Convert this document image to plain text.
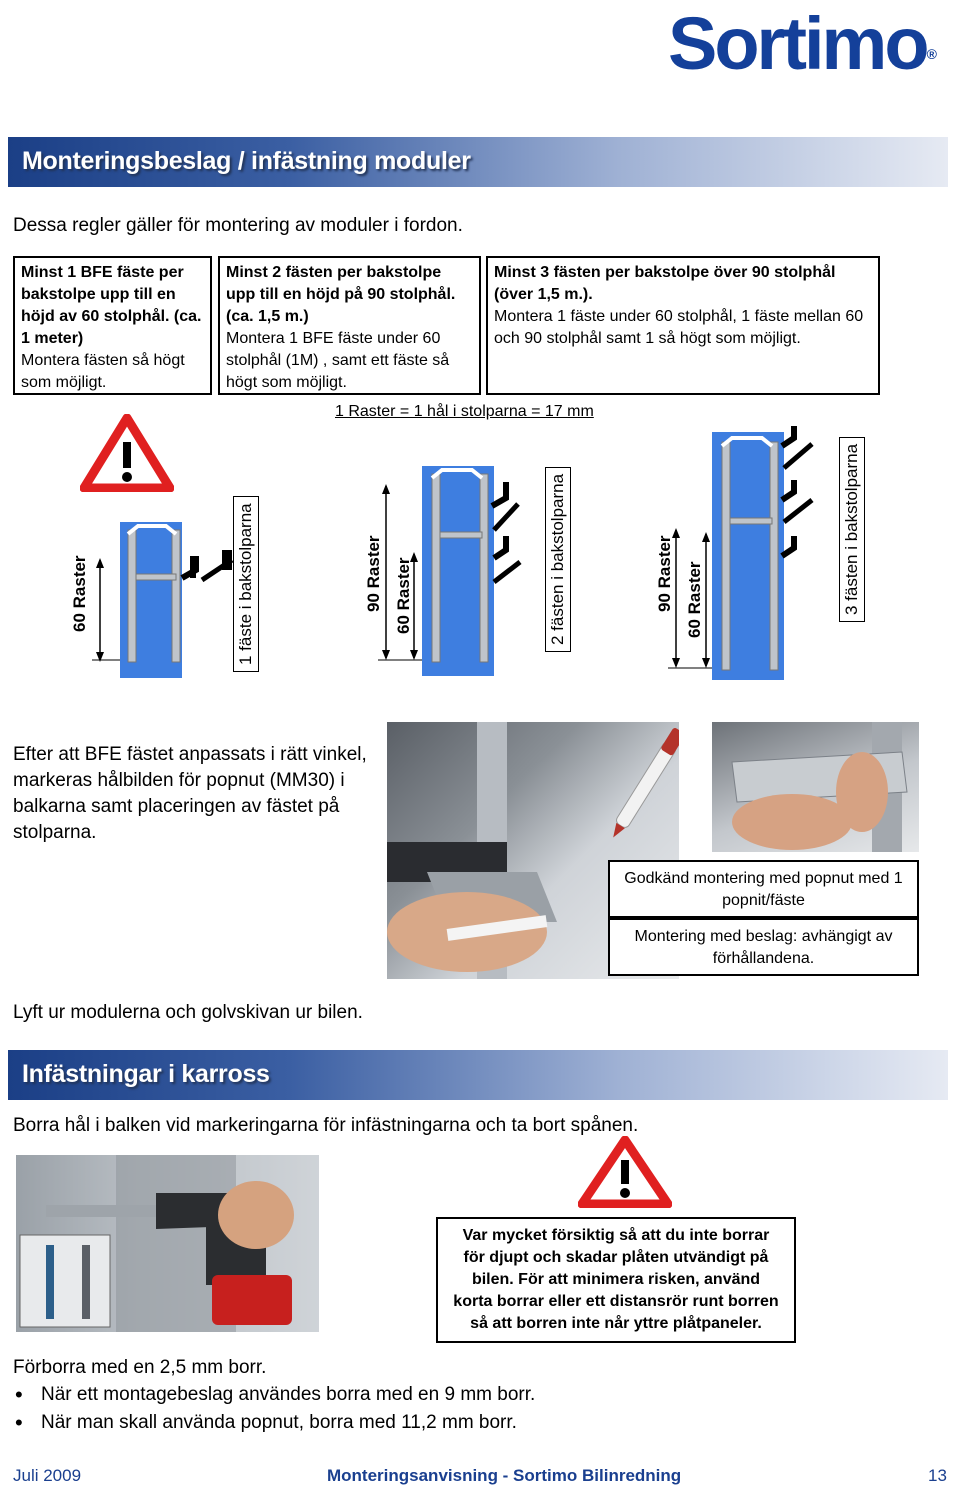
Sortimo®
Monteringsbeslag / infästning moduler
Dessa regler gäller för montering av moduler i fordon.
Minst 1 BFE fäste per bakstolpe upp till en höjd av 60 stolphål. (ca. 1 meter)
Montera fästen så högt som möjligt.
Minst 2 fästen per bakstolpe upp till en höjd på 90 stolphål. (ca. 1,5 m.)
Montera 1 BFE fäste under 60 stolphål (1M) , samt ett fäste så högt som möjligt.
Minst 3 fästen per bakstolpe över 90 stolphål (över 1,5 m.).
Montera 1 fäste under 60 stolphål, 1 fäste mellan 60 och 90 stolphål samt 1 så högt som möjligt.
1 Raster = 1 hål i stolparna = 17 mm
60 Raster	1 fäste i bakstolparna	90 Raster 60 Raster	2 fästen i bakstolparna	90 Raster 60 Raster	3 fästen i bakstolparna
Efter att BFE fästet anpassats i rätt vinkel, markeras hålbilden för popnut (MM30) i balkarna samt placeringen av fästet på stolparna.
Godkänd montering med popnut med 1 popnit/fäste
Montering med beslag: avhängigt av förhållandena.
Lyft ur modulerna och golvskivan ur bilen.
Infästningar i karross
Borra hål i balken vid markeringarna för infästningarna och ta bort spånen.
Var mycket försiktig så att du inte borrar för djupt och skadar plåten utvändigt på bilen. För att minimera risken, använd korta borrar eller ett distansrör runt borren så att borren inte når yttre plåtpaneler.
Förborra med en 2,5 mm borr.
• När ett montagebeslag användes borra med en 9 mm borr.
• När man skall använda popnut, borra med 11,2 mm borr.
Juli 2009	Monteringsanvisning - Sortimo Bilinredning	13
